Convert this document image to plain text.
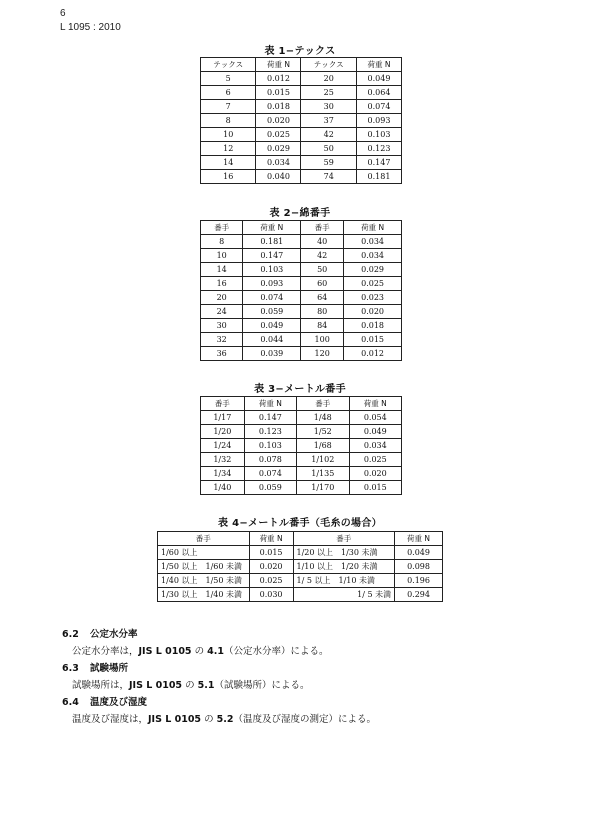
6
L 1095 : 2010
表 1−テックス
テックス	荷重 N	テックス	荷重 N
5	0.012	20	0.049
6	0.015	25	0.064
7	0.018	30	0.074
8	0.020	37	0.093
10	0.025	42	0.103
12	0.029	50	0.123
14	0.034	59	0.147
16	0.040	74	0.181
表 2−綿番手
番手	荷重 N	番手	荷重 N
8	0.181	40	0.034
10	0.147	42	0.034
14	0.103	50	0.029
16	0.093	60	0.025
20	0.074	64	0.023
24	0.059	80	0.020
30	0.049	84	0.018
32	0.044	100	0.015
36	0.039	120	0.012
表 3−メートル番手
番手	荷重 N	番手	荷重 N
1/17	0.147	1/48	0.054
1/20	0.123	1/52	0.049
1/24	0.103	1/68	0.034
1/32	0.078	1/102	0.025
1/34	0.074	1/135	0.020
1/40	0.059	1/170	0.015
表 4−メートル番手（毛糸の場合）
番手	荷重 N	番手	荷重 N
1/60 以上	0.015	1/20 以上　1/30 未満	0.049
1/50 以上　1/60 未満	0.020	1/10 以上　1/20 未満	0.098
1/40 以上　1/50 未満	0.025	1/ 5 以上　1/10 未満	0.196
1/30 以上　1/40 未満	0.030	1/ 5 未満	0.294
6.2 公定水分率
公定水分率は，JIS L 0105 の 4.1（公定水分率）による。
6.3 試験場所
試験場所は，JIS L 0105 の 5.1（試験場所）による。
6.4 温度及び湿度
温度及び湿度は，JIS L 0105 の 5.2（温度及び湿度の測定）による。
